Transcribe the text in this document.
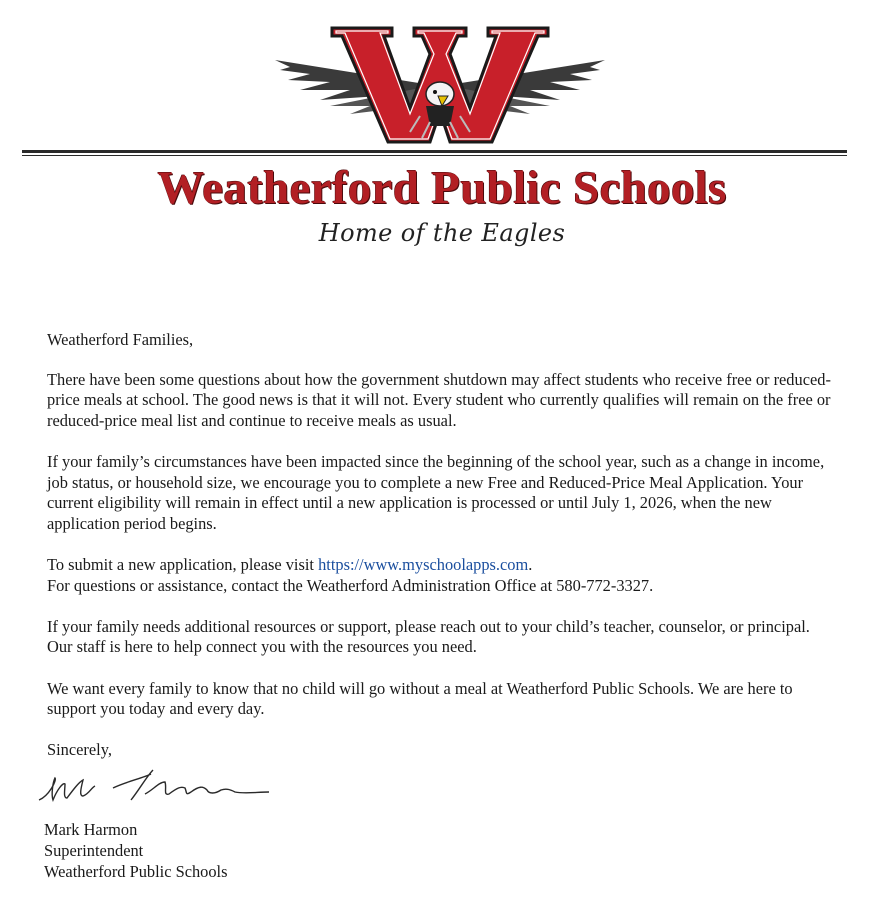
Weatherford Public Schools
Home of the Eagles

Weatherford Families,

There have been some questions about how the government shutdown may affect students who receive free or reduced-price meals at school. The good news is that it will not. Every student who currently qualifies will remain on the free or reduced-price meal list and continue to receive meals as usual.

If your family’s circumstances have been impacted since the beginning of the school year, such as a change in income, job status, or household size, we encourage you to complete a new Free and Reduced-Price Meal Application. Your current eligibility will remain in effect until a new application is processed or until July 1, 2026, when the new application period begins.

To submit a new application, please visit https://www.myschoolapps.com.
For questions or assistance, contact the Weatherford Administration Office at 580-772-3327.

If your family needs additional resources or support, please reach out to your child’s teacher, counselor, or principal. Our staff is here to help connect you with the resources you need.

We want every family to know that no child will go without a meal at Weatherford Public Schools. We are here to support you today and every day.

Sincerely,

Mark Harmon
Superintendent
Weatherford Public Schools
